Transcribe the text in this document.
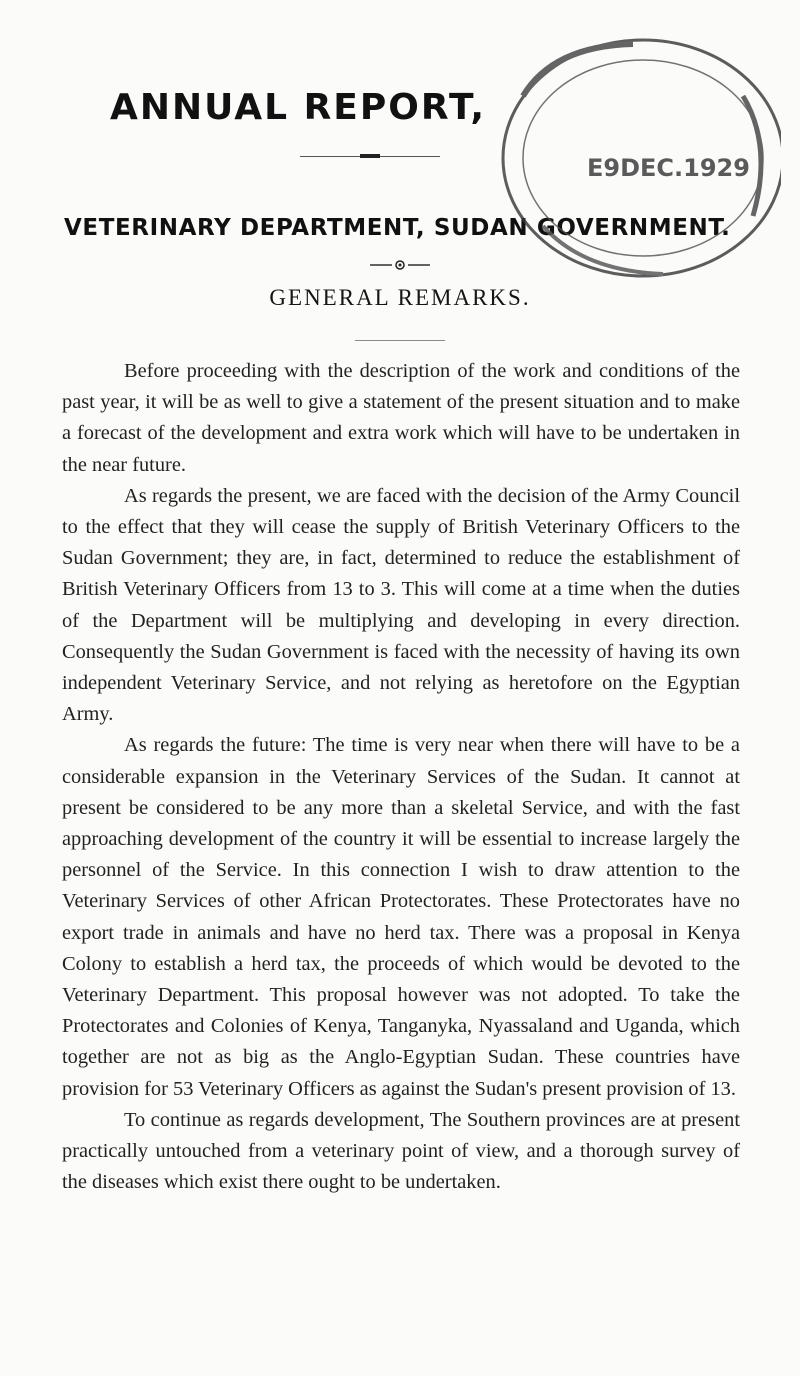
ANNUAL REPORT,
VETERINARY DEPARTMENT, SUDAN GOVERNMENT.
GENERAL REMARKS.
E9DEC.1929

Before proceeding with the description of the work and conditions of the past year, it will be as well to give a statement of the present situation and to make a forecast of the development and extra work which will have to be undertaken in the near future.

As regards the present, we are faced with the decision of the Army Council to the effect that they will cease the supply of British Veterinary Officers to the Sudan Government; they are, in fact, determined to reduce the establishment of British Veterinary Officers from 13 to 3. This will come at a time when the duties of the Department will be multiplying and developing in every direction. Consequently the Sudan Government is faced with the necessity of having its own independent Veterinary Service, and not relying as heretofore on the Egyptian Army.

As regards the future: The time is very near when there will have to be a considerable expansion in the Veterinary Services of the Sudan. It cannot at present be considered to be any more than a skeletal Service, and with the fast approaching development of the country it will be essential to increase largely the personnel of the Service. In this connection I wish to draw attention to the Veterinary Services of other African Protectorates. These Protectorates have no export trade in animals and have no herd tax. There was a proposal in Kenya Colony to establish a herd tax, the proceeds of which would be devoted to the Veterinary Department. This proposal however was not adopted. To take the Protectorates and Colonies of Kenya, Tanganyka, Nyassaland and Uganda, which together are not as big as the Anglo-Egyptian Sudan. These countries have provision for 53 Veterinary Officers as against the Sudan's present provision of 13.

To continue as regards development, The Southern provinces are at present practically untouched from a veterinary point of view, and a thorough survey of the diseases which exist there ought to be undertaken.
